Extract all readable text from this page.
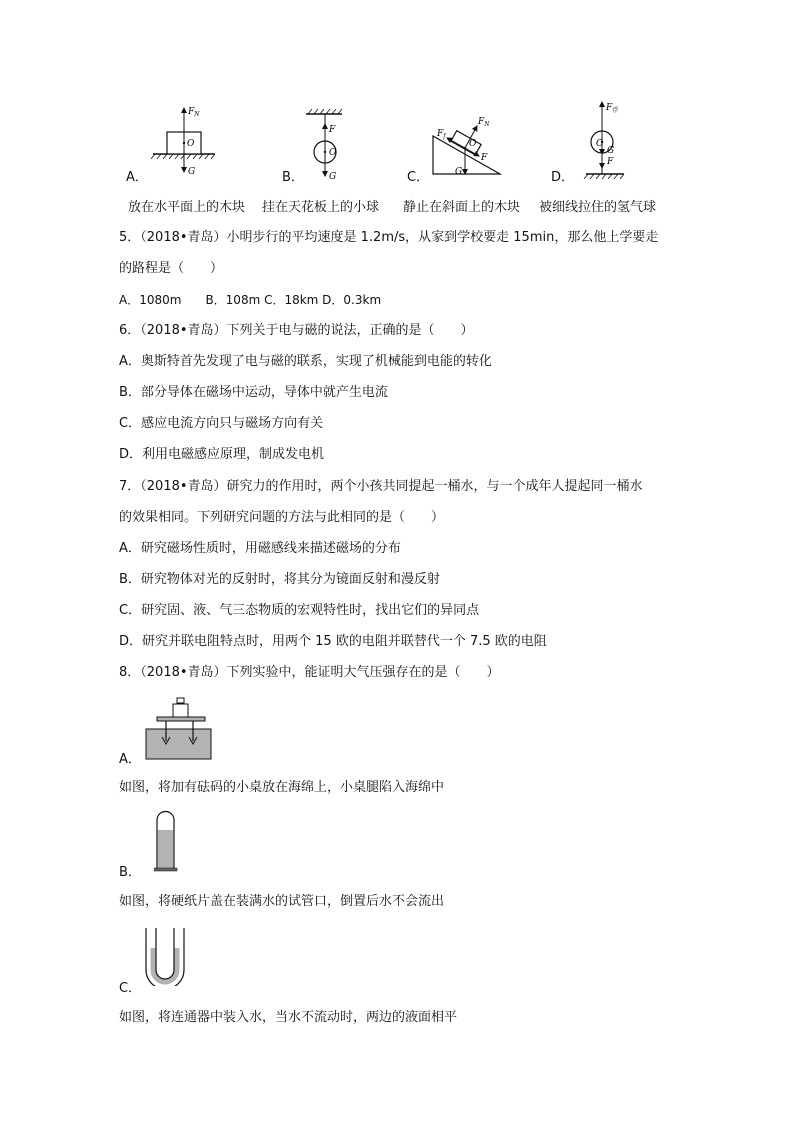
$F_N$
O
G
A．
F
O
G
B．
$F_f$
$F_N$
O
F
G
C．
$F_浮$
O
G
F
D．
放在水平面上的木块 挂在天花板上的小球 静止在斜面上的木块 被细线拉住的氢气球
5．（2018•青岛）小明步行的平均速度是 1.2m/s，从家到学校要走 15min，那么他上学要走
的路程是（　　）
A．1080m　　B．108m C．18km D．0.3km
6．（2018•青岛）下列关于电与磁的说法，正确的是（　　）
A．奥斯特首先发现了电与磁的联系，实现了机械能到电能的转化
B．部分导体在磁场中运动，导体中就产生电流
C．感应电流方向只与磁场方向有关
D．利用电磁感应原理，制成发电机
7．（2018•青岛）研究力的作用时，两个小孩共同提起一桶水，与一个成年人提起同一桶水
的效果相同。下列研究问题的方法与此相同的是（　　）
A．研究磁场性质时，用磁感线来描述磁场的分布
B．研究物体对光的反射时，将其分为镜面反射和漫反射
C．研究固、液、气三态物质的宏观特性时，找出它们的异同点
D．研究并联电阻特点时，用两个 15 欧的电阻并联替代一个 7.5 欧的电阻
8．（2018•青岛）下列实验中，能证明大气压强存在的是（　　）
A．
如图，将加有砝码的小桌放在海绵上，小桌腿陷入海绵中
B．
如图，将硬纸片盖在装满水的试管口，倒置后水不会流出
C．
如图，将连通器中装入水，当水不流动时，两边的液面相平
